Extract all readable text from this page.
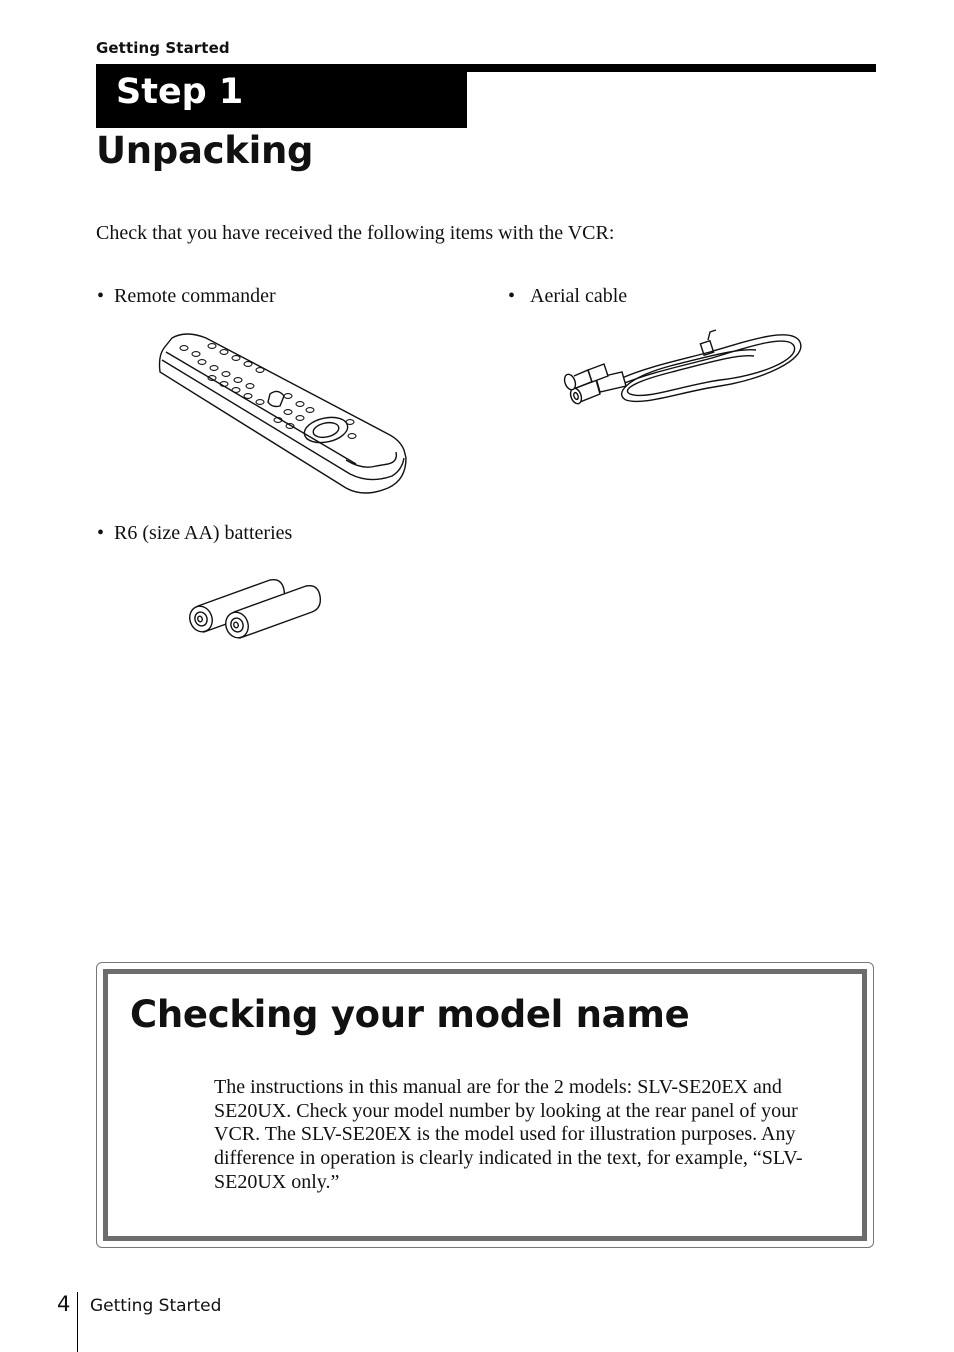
Getting Started
Step 1
Unpacking
Check that you have received the following items with the VCR:
• Remote commander	• Aerial cable
• R6 (size AA) batteries
Checking your model name

The instructions in this manual are for the 2 models: SLV-SE20EX and SE20UX. Check your model number by looking at the rear panel of your VCR. The SLV-SE20EX is the model used for illustration purposes. Any difference in operation is clearly indicated in the text, for example, “SLV-SE20UX only.”

4 Getting Started
